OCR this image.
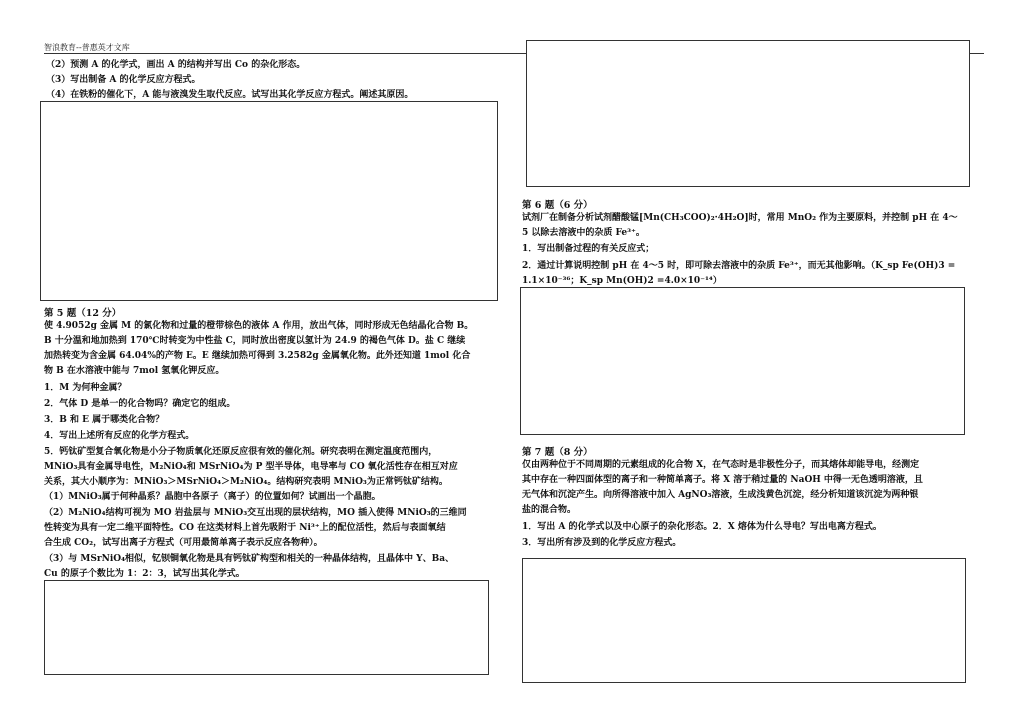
智浪教育--普惠英才文库
（2）预测 A 的化学式，画出 A 的结构并写出 Co 的杂化形态。
（3）写出制备 A 的化学反应方程式。
（4）在铁粉的催化下，A 能与液溴发生取代反应。试写出其化学反应方程式。阐述其原因。
第 5 题（12 分）
使 4.9052g 金属 M 的氯化物和过量的橙带棕色的液体 A 作用，放出气体，同时形成无色结晶化合物 B。
B 十分温和地加热到 170℃时转变为中性盐 C，同时放出密度以氢计为 24.9 的褐色气体 D。盐 C 继续
加热转变为含金属 64.04%的产物 E。E 继续加热可得到 3.2582g 金属氧化物。此外还知道 1mol 化合
物 B 在水溶液中能与 7mol 氢氧化钾反应。
1．M 为何种金属？
2．气体 D 是单一的化合物吗？确定它的组成。
3．B 和 E 属于哪类化合物？
4．写出上述所有反应的化学方程式。
5．钙钛矿型复合氧化物是小分子物质氧化还原反应很有效的催化剂。研究表明在测定温度范围内，
MNiO₃具有金属导电性，M₂NiO₄和 MSrNiO₄为 P 型半导体，电导率与 CO 氧化活性存在相互对应
关系，其大小顺序为：MNiO₃＞MSrNiO₄＞M₂NiO₄。结构研究表明 MNiO₃为正常钙钛矿结构。
（1）MNiO₃属于何种晶系？晶胞中各原子（离子）的位置如何？试画出一个晶胞。
（2）M₂NiO₄结构可视为 MO 岩盐层与 MNiO₃交互出现的层状结构，MO 插入使得 MNiO₃的三维同
性转变为具有一定二维平面特性。CO 在这类材料上首先吸附于 Ni³⁺上的配位活性，然后与表面氧结
合生成 CO₂，试写出离子方程式（可用最简单离子表示反应各物种）。
（3）与 MSrNiO₄相似，钇钡铜氧化物是具有钙钛矿构型和相关的一种晶体结构，且晶体中 Y、Ba、
Cu 的原子个数比为 1：2：3，试写出其化学式。
第 6 题（6 分）
试剂厂在制备分析试剂醋酸锰[Mn(CH₃COO)₂·4H₂O]时，常用 MnO₂ 作为主要原料，并控制 pH 在 4～
5 以除去溶液中的杂质 Fe³⁺。
1．写出制备过程的有关反应式；
2．通过计算说明控制 pH 在 4～5 时，即可除去溶液中的杂质 Fe³⁺，而无其他影响。（K_sp Fe(OH)3 =
1.1×10⁻³⁶；K_sp Mn(OH)2 =4.0×10⁻¹⁴）
第 7 题（8 分）
仅由两种位于不同周期的元素组成的化合物 X，在气态时是非极性分子，而其熔体却能导电，经测定
其中存在一种四面体型的离子和一种简单离子。将 X 溶于稍过量的 NaOH 中得一无色透明溶液，且
无气体和沉淀产生。向所得溶液中加入 AgNO₃溶液，生成浅黄色沉淀，经分析知道该沉淀为两种银
盐的混合物。
1．写出 A 的化学式以及中心原子的杂化形态。2．X 熔体为什么导电？写出电离方程式。
3．写出所有涉及到的化学反应方程式。
